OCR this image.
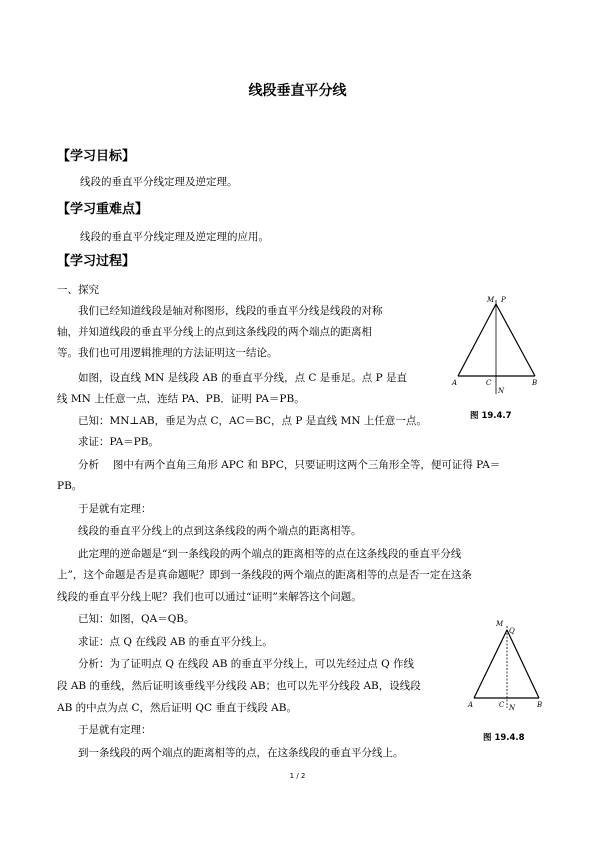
线段垂直平分线
【学习目标】
线段的垂直平分线定理及逆定理。
【学习重难点】
线段的垂直平分线定理及逆定理的应用。
【学习过程】
一、探究
我们已经知道线段是轴对称图形，线段的垂直平分线是线段的对称
轴，并知道线段的垂直平分线上的点到这条线段的两个端点的距离相
等。我们也可用逻辑推理的方法证明这一结论。
如图，设直线 MN 是线段 AB 的垂直平分线，点 C 是垂足。点 P 是直
线 MN 上任意一点，连结 PA、PB．证明 PA＝PB。
已知：MN⊥AB，垂足为点 C，AC＝BC，点 P 是直线 MN 上任意一点。
求证：PA＝PB。
分析　 图中有两个直角三角形 APC 和 BPC，只要证明这两个三角形全等，便可证得 PA＝
PB。
于是就有定理：
线段的垂直平分线上的点到这条线段的两个端点的距离相等。
此定理的逆命题是“到一条线段的两个端点的距离相等的点在这条线段的垂直平分线
上”，这个命题是否是真命题呢？即到一条线段的两个端点的距离相等的点是否一定在这条
线段的垂直平分线上呢？我们也可以通过“证明”来解答这个问题。
已知：如图，QA＝QB。
求证：点 Q 在线段 AB 的垂直平分线上。
分析：为了证明点 Q 在线段 AB 的垂直平分线上，可以先经过点 Q 作线
段 AB 的垂线，然后证明该垂线平分线段 AB；也可以先平分线段 AB，设线段
AB 的中点为点 C，然后证明 QC 垂直于线段 AB。
于是就有定理：
到一条线段的两个端点的距离相等的点，在这条线段的垂直平分线上。
M P
A	C	B
N
图 19.4.7
M
Q
A	C N	B
图 19.4.8
1 / 2
